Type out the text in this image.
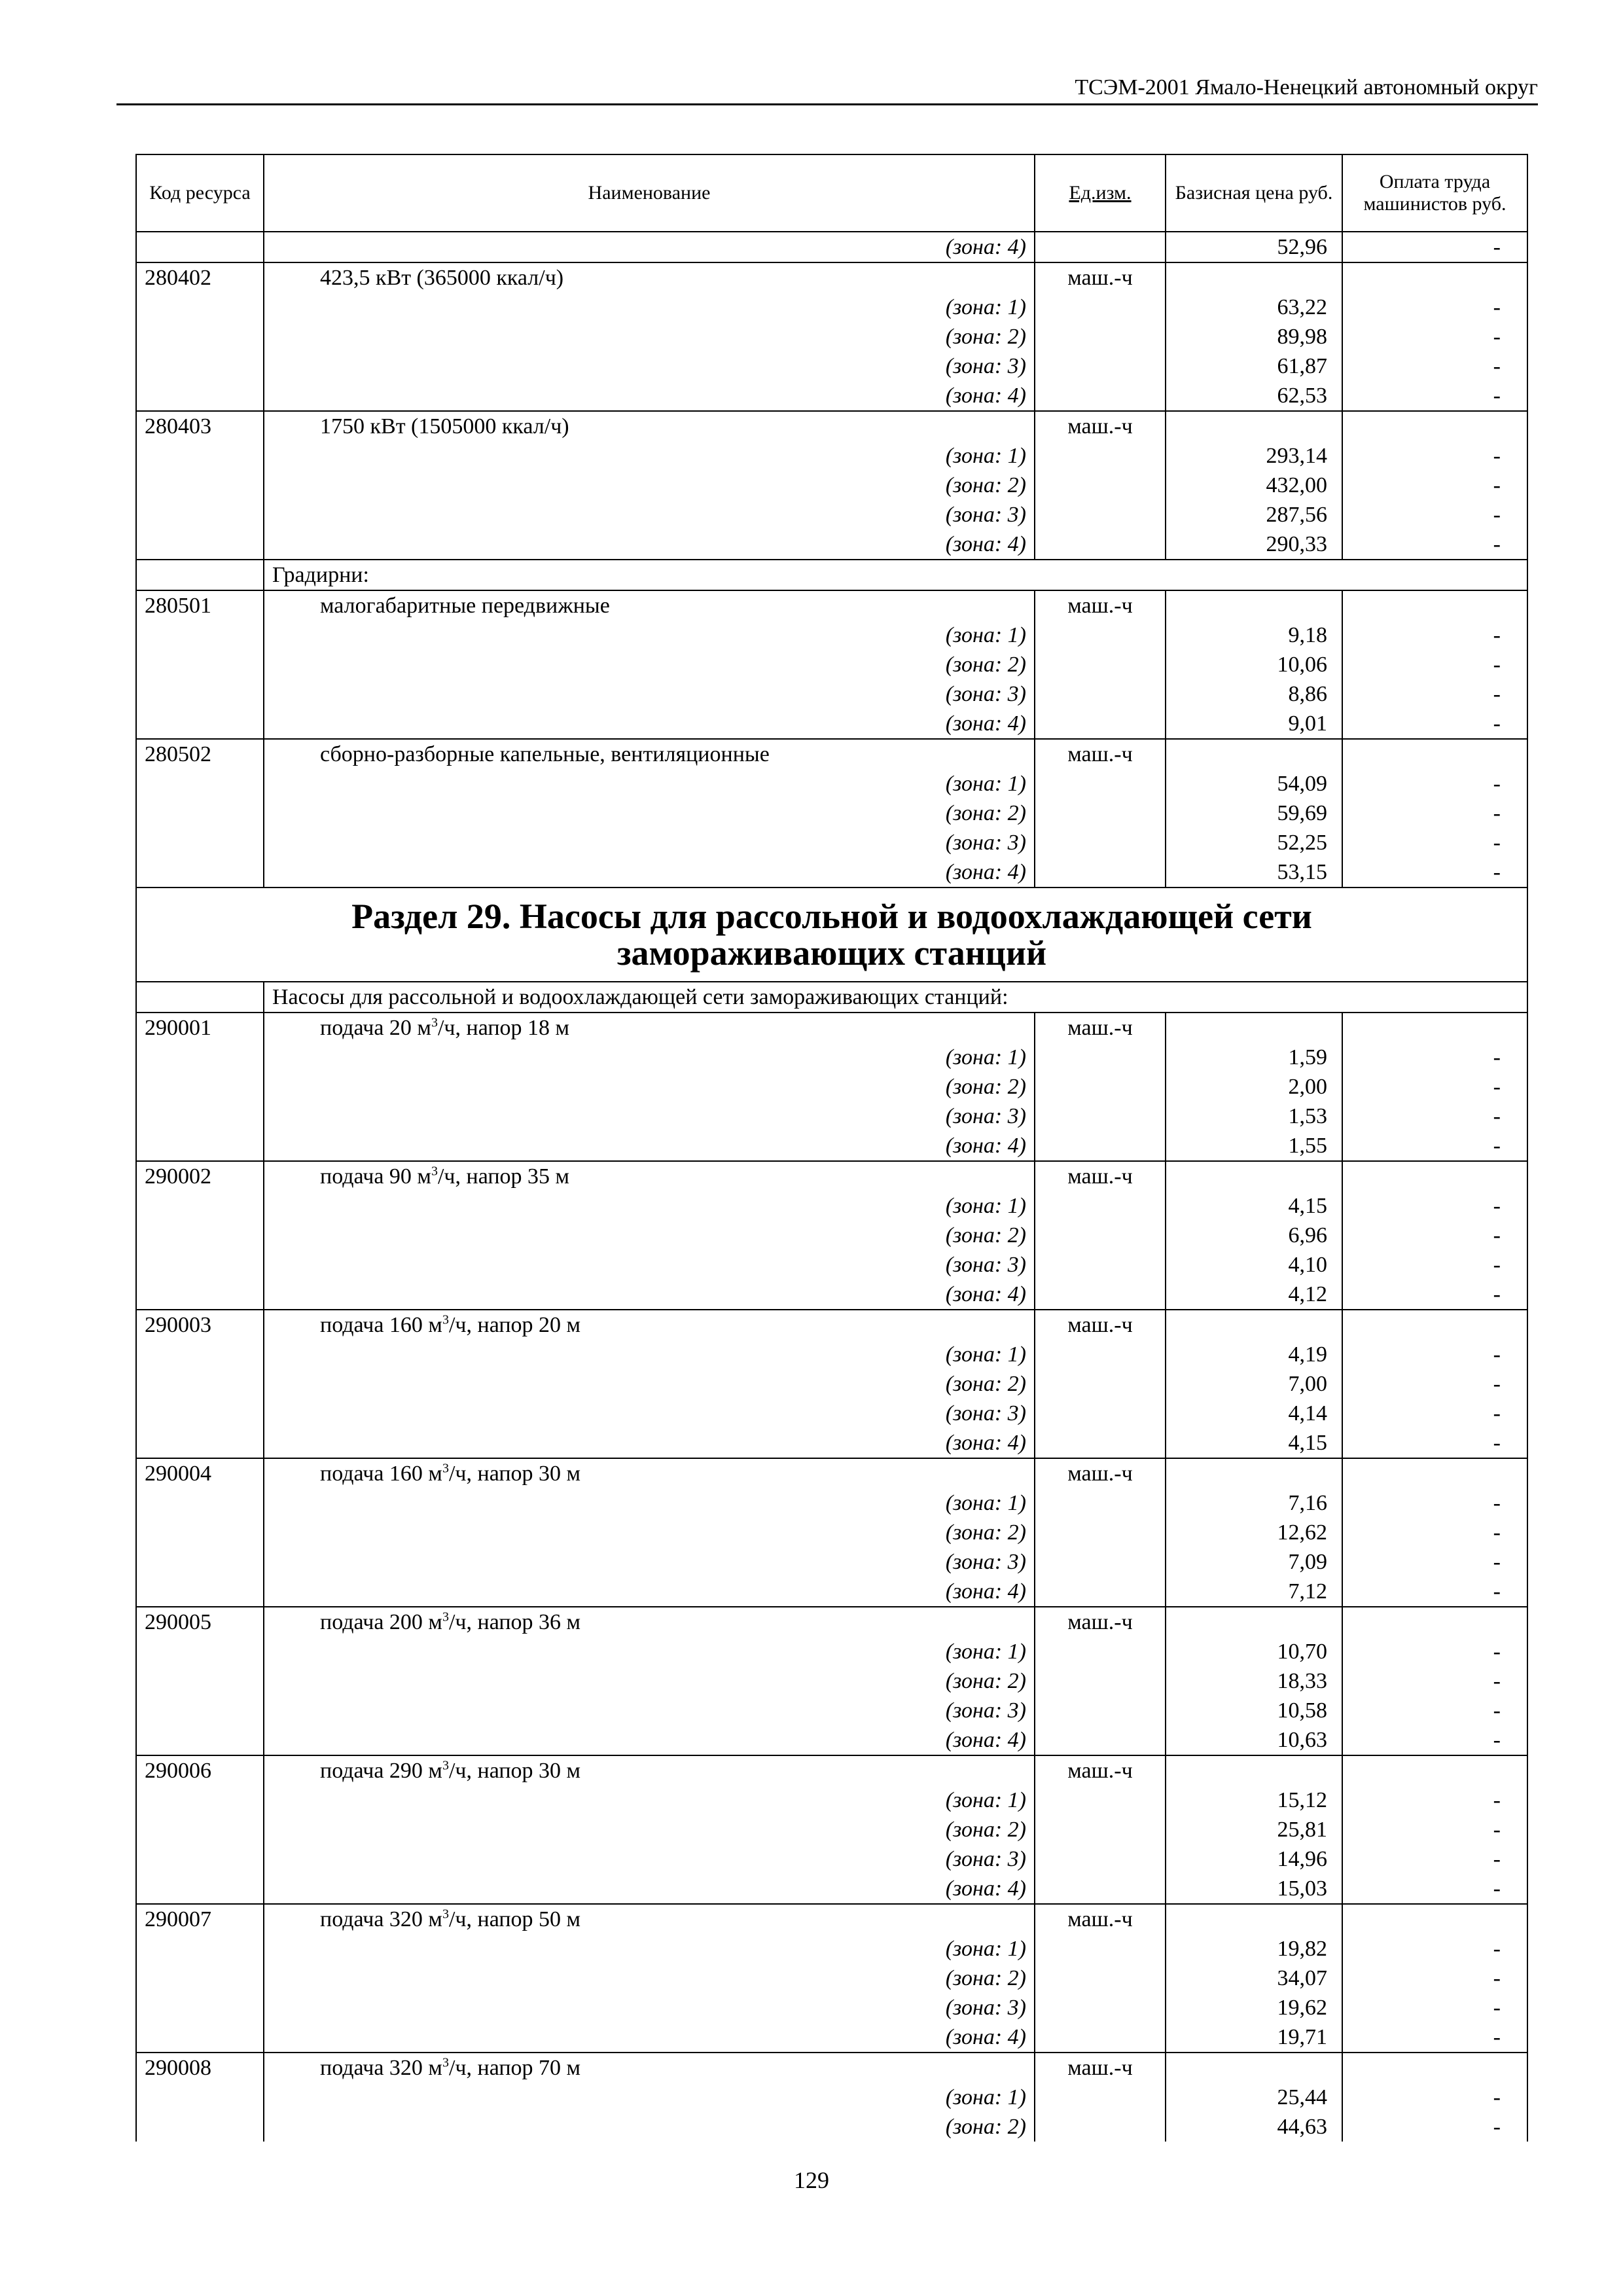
ТСЭМ-2001 Ямало-Ненецкий автономный округ
Код ресурса	Наименование	Ед.изм.	Базисная цена руб.	Оплата труда машинистов руб.
	(зона: 4)		52,96	-
280402	423,5 кВт (365000 ккал/ч)	маш.-ч		
	(зона: 1)		63,22	-
	(зона: 2)		89,98	-
	(зона: 3)		61,87	-
	(зона: 4)		62,53	-
280403	1750 кВт (1505000 ккал/ч)	маш.-ч		
	(зона: 1)		293,14	-
	(зона: 2)		432,00	-
	(зона: 3)		287,56	-
	(зона: 4)		290,33	-
	Градирни:			
280501	малогабаритные передвижные	маш.-ч		
	(зона: 1)		9,18	-
	(зона: 2)		10,06	-
	(зона: 3)		8,86	-
	(зона: 4)		9,01	-
280502	сборно-разборные капельные, вентиляционные	маш.-ч		
	(зона: 1)		54,09	-
	(зона: 2)		59,69	-
	(зона: 3)		52,25	-
	(зона: 4)		53,15	-

Раздел 29. Насосы для рассольной и водоохлаждающей сети
замораживающих станций				

	Насосы для рассольной и водоохлаждающей сети замораживающих станций:			
290001	подача 20 $м^3/ч$, напор 18 м	маш.-ч		
	(зона: 1)		1,59	-
	(зона: 2)		2,00	-
	(зона: 3)		1,53	-
	(зона: 4)		1,55	-
290002	подача 90 $м^3/ч$, напор 35 м	маш.-ч		
	(зона: 1)		4,15	-
	(зона: 2)		6,96	-
	(зона: 3)		4,10	-
	(зона: 4)		4,12	-
290003	подача 160 $м^3/ч$, напор 20 м	маш.-ч		
	(зона: 1)		4,19	-
	(зона: 2)		7,00	-
	(зона: 3)		4,14	-
	(зона: 4)		4,15	-
290004	подача 160 $м^3/ч$, напор 30 м	маш.-ч		
	(зона: 1)		7,16	-
	(зона: 2)		12,62	-
	(зона: 3)		7,09	-
	(зона: 4)		7,12	-
290005	подача 200 $м^3/ч$, напор 36 м	маш.-ч		
	(зона: 1)		10,70	-
	(зона: 2)		18,33	-
	(зона: 3)		10,58	-
	(зона: 4)		10,63	-
290006	подача 290 $м^3/ч$, напор 30 м	маш.-ч		
	(зона: 1)		15,12	-
	(зона: 2)		25,81	-
	(зона: 3)		14,96	-
	(зона: 4)		15,03	-
290007	подача 320 $м^3/ч$, напор 50 м	маш.-ч		
	(зона: 1)		19,82	-
	(зона: 2)		34,07	-
	(зона: 3)		19,62	-
	(зона: 4)		19,71	-
290008	подача 320 $м^3/ч$, напор 70 м	маш.-ч		
	(зона: 1)		25,44	-
	(зона: 2)		44,63	-
129
